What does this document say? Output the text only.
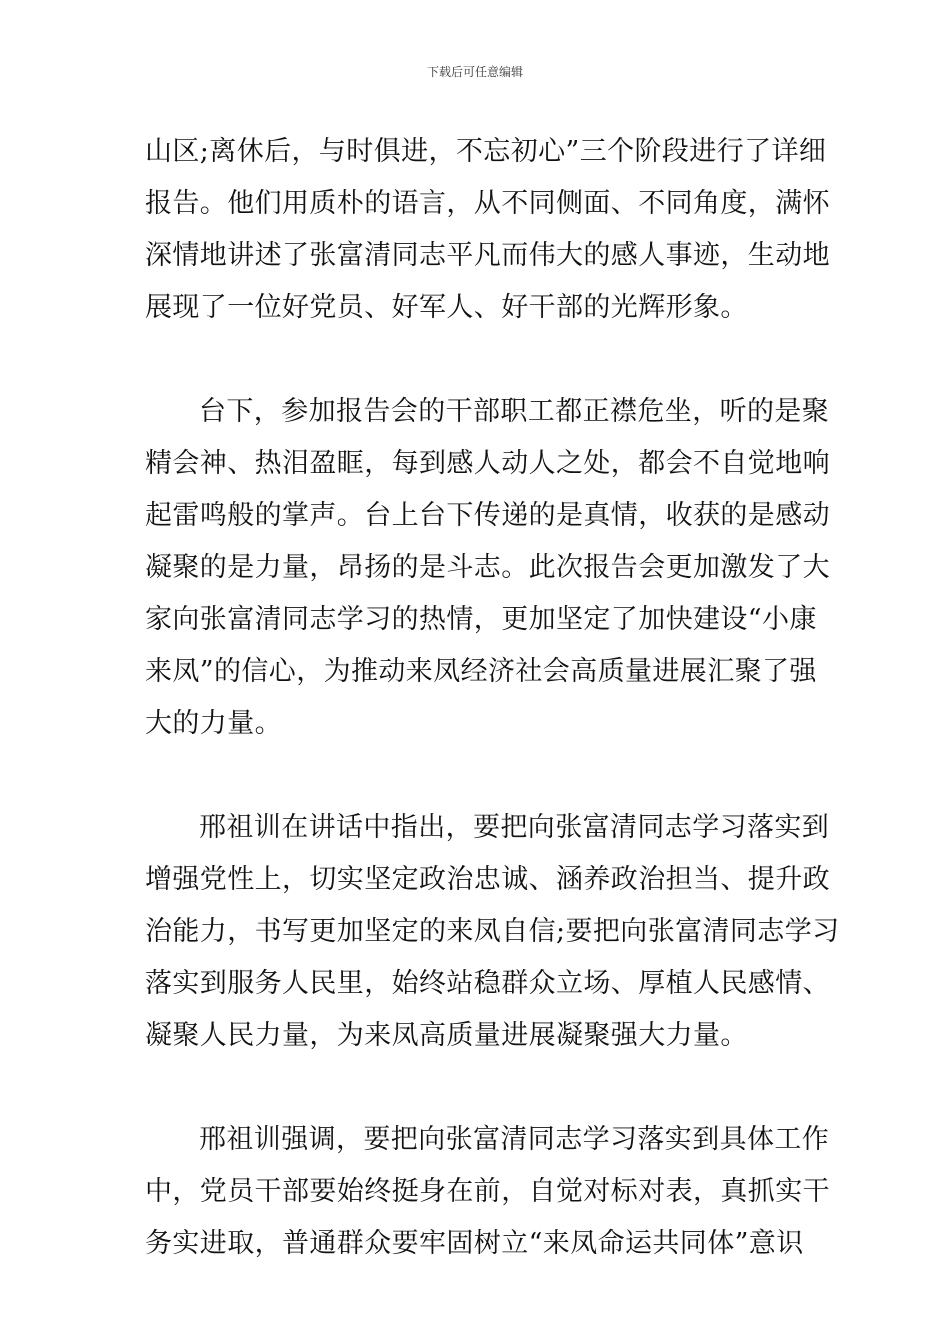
下载后可任意编辑
山区;离休后，与时俱进，不忘初心”三个阶段进行了详细
报告。他们用质朴的语言，从不同侧面、不同角度，满怀
深情地讲述了张富清同志平凡而伟大的感人事迹，生动地
展现了一位好党员、好军人、好干部的光辉形象。
台下，参加报告会的干部职工都正襟危坐，听的是聚
精会神、热泪盈眶，每到感人动人之处，都会不自觉地响
起雷鸣般的掌声。台上台下传递的是真情，收获的是感动
凝聚的是力量，昂扬的是斗志。此次报告会更加激发了大
家向张富清同志学习的热情，更加坚定了加快建设“小康
来凤”的信心，为推动来凤经济社会高质量进展汇聚了强
大的力量。
邢祖训在讲话中指出，要把向张富清同志学习落实到
增强党性上，切实坚定政治忠诚、涵养政治担当、提升政
治能力，书写更加坚定的来凤自信;要把向张富清同志学习
落实到服务人民里，始终站稳群众立场、厚植人民感情、
凝聚人民力量，为来凤高质量进展凝聚强大力量。
邢祖训强调，要把向张富清同志学习落实到具体工作
中，党员干部要始终挺身在前，自觉对标对表，真抓实干
务实进取，普通群众要牢固树立“来凤命运共同体”意识
